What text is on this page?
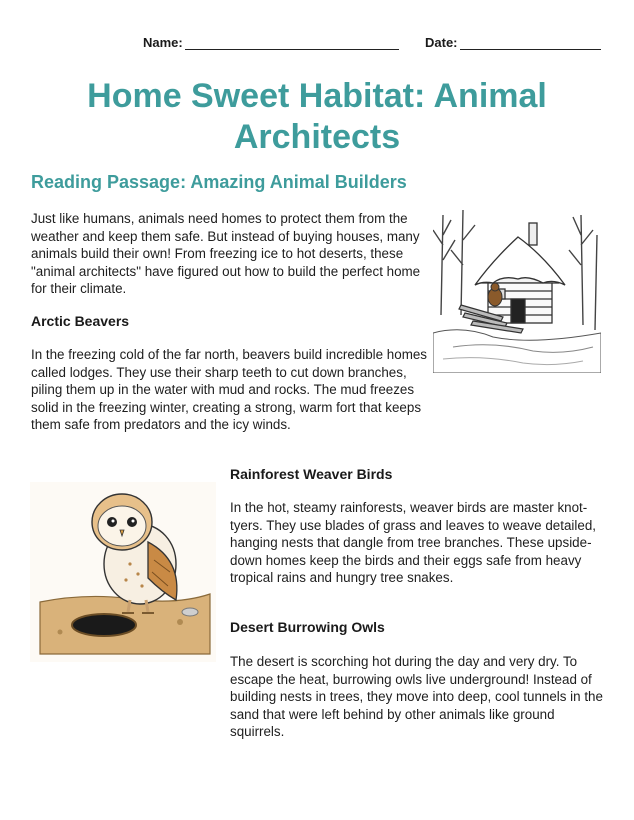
Name:	Date:
Home Sweet Habitat: Animal Architects
Reading Passage: Amazing Animal Builders

Just like humans, animals need homes to protect them from the weather and keep them safe. But instead of buying houses, many animals build their own! From freezing ice to hot deserts, these "animal architects" have figured out how to build the perfect home for their climate.

Arctic Beavers

In the freezing cold of the far north, beavers build incredible homes called lodges. They use their sharp teeth to cut down branches, piling them up in the water with mud and rocks. The mud freezes solid in the freezing winter, creating a strong, warm fort that keeps them safe from predators and the icy winds.

Rainforest Weaver Birds

In the hot, steamy rainforests, weaver birds are master knot-tyers. They use blades of grass and leaves to weave detailed, hanging nests that dangle from tree branches. These upside-down homes keep the birds and their eggs safe from heavy tropical rains and hungry tree snakes.

Desert Burrowing Owls

The desert is scorching hot during the day and very dry. To escape the heat, burrowing owls live underground! Instead of building nests in trees, they move into deep, cool tunnels in the sand that were left behind by other animals like ground squirrels.
